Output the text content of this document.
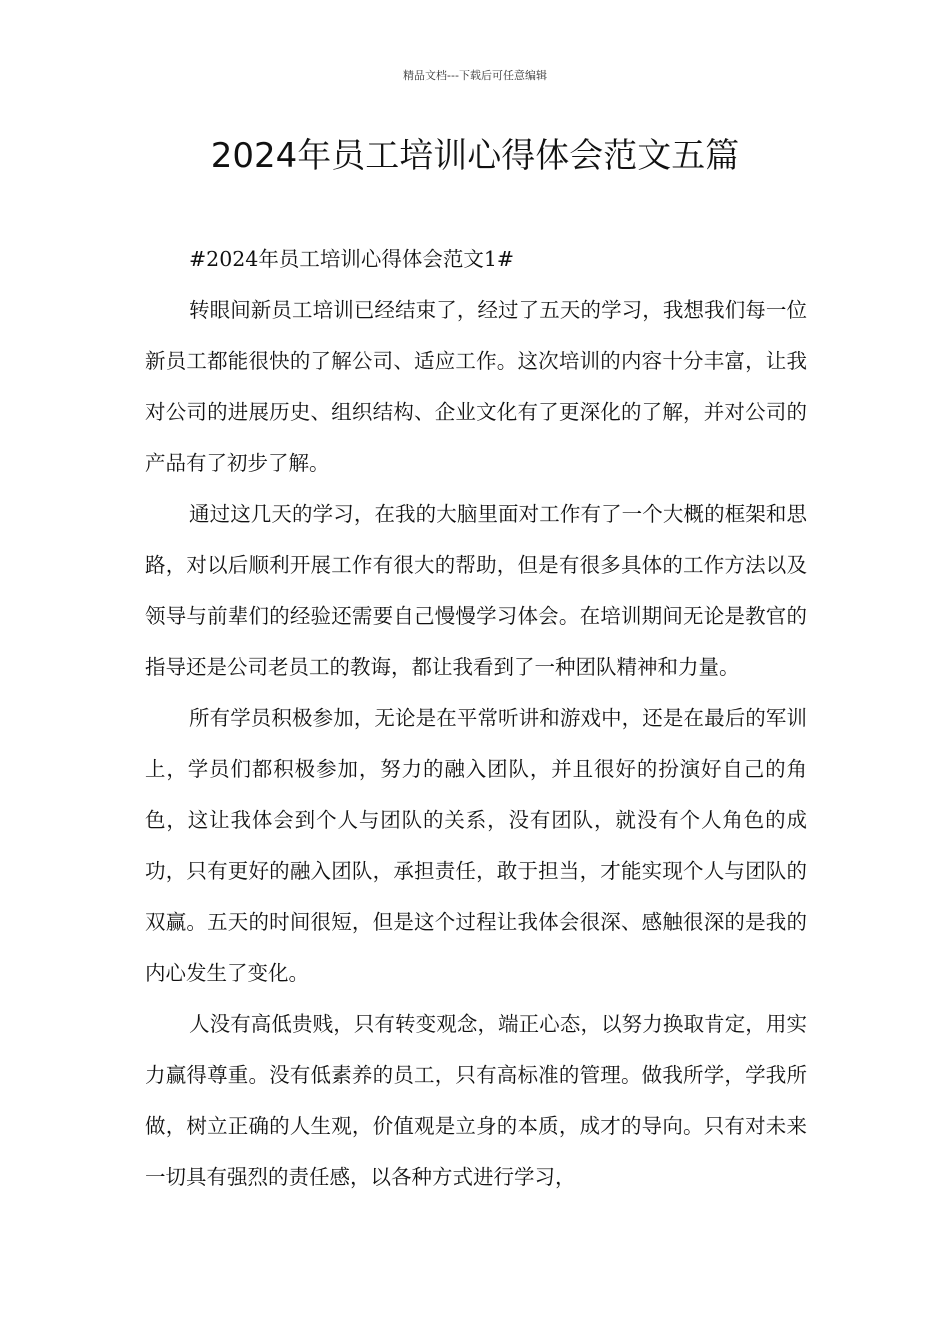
精品文档---下载后可任意编辑
2024年员工培训心得体会范文五篇

#2024年员工培训心得体会范文1#

转眼间新员工培训已经结束了，经过了五天的学习，我想我们每一位新员工都能很快的了解公司、适应工作。这次培训的内容十分丰富，让我对公司的进展历史、组织结构、企业文化有了更深化的了解，并对公司的产品有了初步了解。

通过这几天的学习，在我的大脑里面对工作有了一个大概的框架和思路，对以后顺利开展工作有很大的帮助，但是有很多具体的工作方法以及领导与前辈们的经验还需要自己慢慢学习体会。在培训期间无论是教官的指导还是公司老员工的教诲，都让我看到了一种团队精神和力量。

所有学员积极参加，无论是在平常听讲和游戏中，还是在最后的军训上，学员们都积极参加，努力的融入团队，并且很好的扮演好自己的角色，这让我体会到个人与团队的关系，没有团队，就没有个人角色的成功，只有更好的融入团队，承担责任，敢于担当，才能实现个人与团队的双赢。五天的时间很短，但是这个过程让我体会很深、感触很深的是我的内心发生了变化。

人没有高低贵贱，只有转变观念，端正心态，以努力换取肯定，用实力赢得尊重。没有低素养的员工，只有高标准的管理。做我所学，学我所做，树立正确的人生观，价值观是立身的本质，成才的导向。只有对未来一切具有强烈的责任感，以各种方式进行学习，
